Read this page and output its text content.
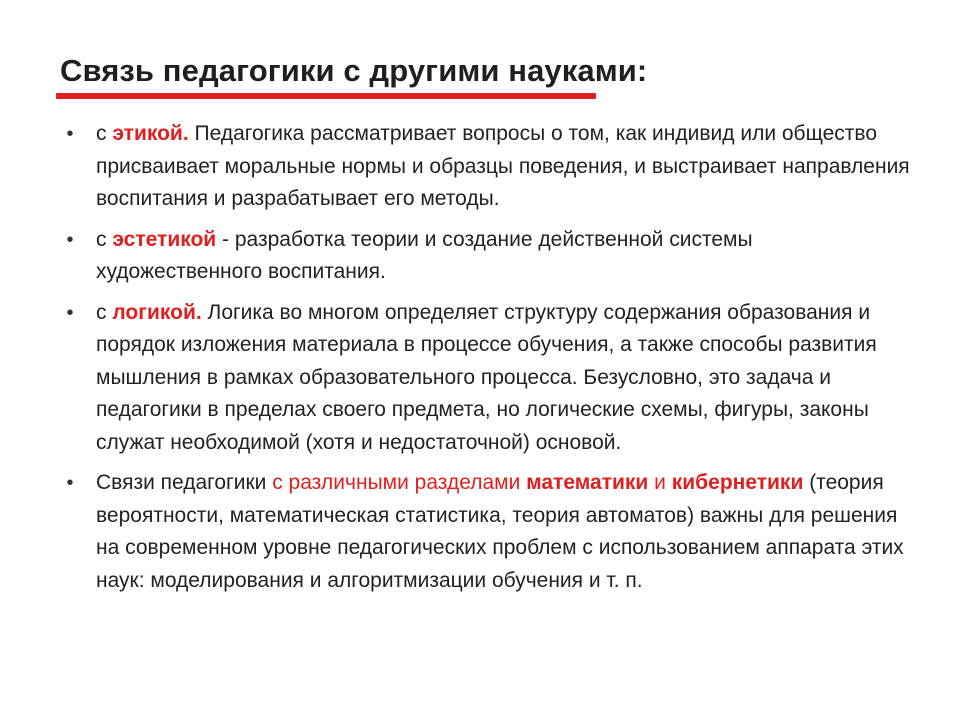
Связь педагогики с другими науками:
•	с этикой. Педагогика рассматривает вопросы о том, как индивид или общество присваивает моральные нормы и образцы поведения, и выстраивает направления воспитания и разрабатывает его методы.
•	с эстетикой - разработка теории и создание действенной системы художественного воспитания.
•	с логикой. Логика во многом определяет структуру содержания образования и порядок изложения материала в процессе обучения, а также способы развития мышления в рамках образовательного процесса. Безусловно, это задача и педагогики в пределах своего предмета, но логические схемы, фигуры, законы служат необходимой (хотя и недостаточной) основой.
•	Связи педагогики с различными разделами математики и кибернетики (теория вероятности, математическая статистика, теория автоматов) важны для решения на современном уровне педагогических проблем с использованием аппарата этих наук: моделирования и алгоритмизации обучения и т. п.
